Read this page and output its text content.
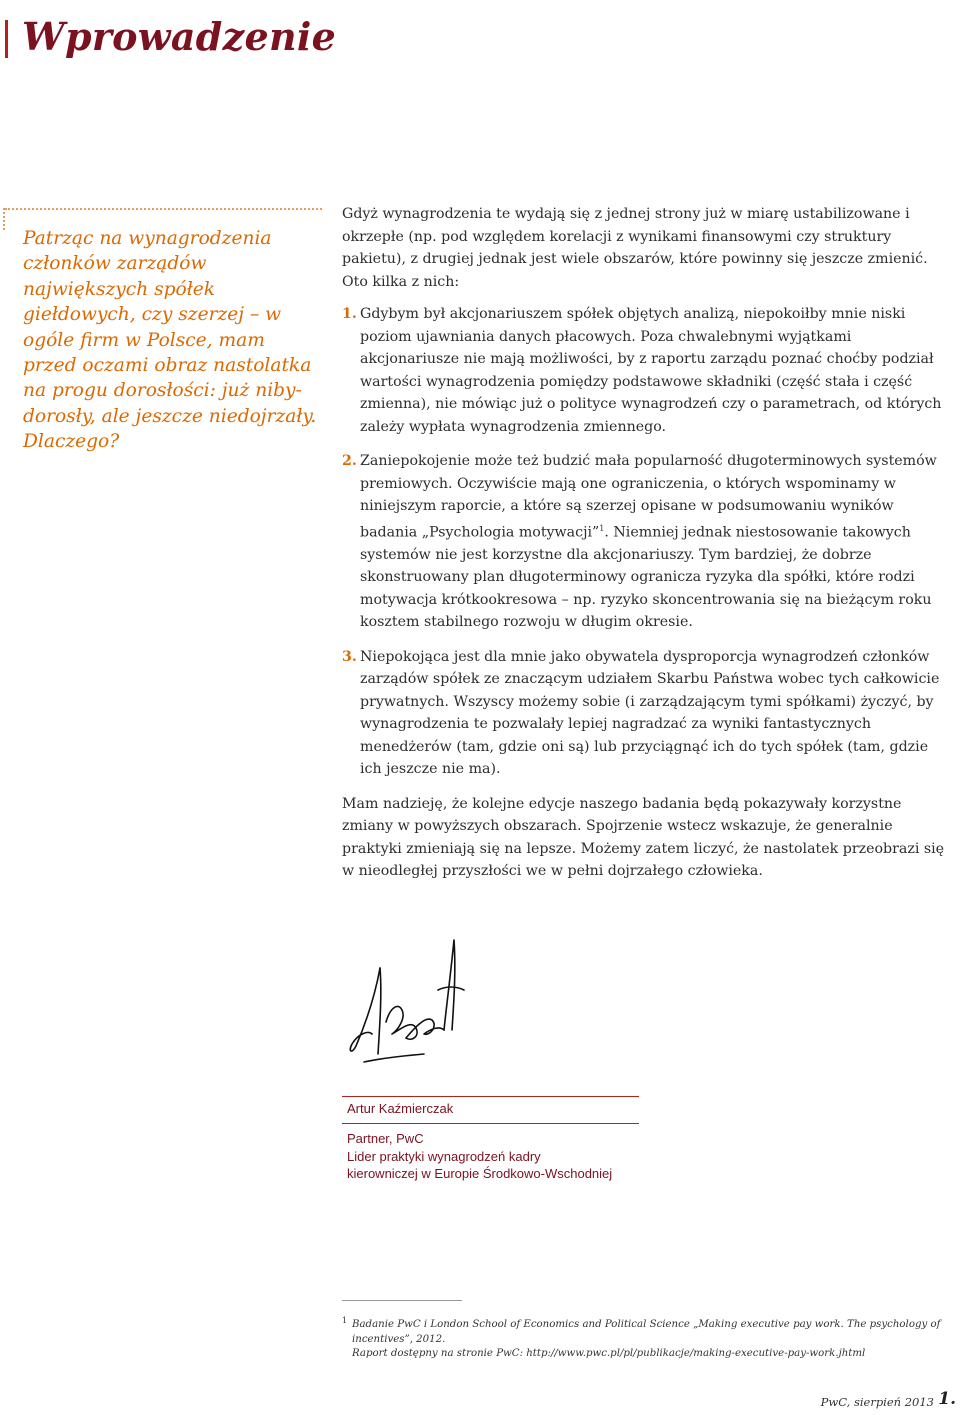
Wprowadzenie

Patrząc na wynagrodzenia członków zarządów największych spółek giełdowych, czy szerzej – w ogóle firm w Polsce, mam przed oczami obraz nastolatka na progu dorosłości: już niby-dorosły, ale jeszcze niedojrzały. Dlaczego?

Gdyż wynagrodzenia te wydają się z jednej strony już w miarę ustabilizowane i okrzepłe (np. pod względem korelacji z wynikami finansowymi czy struktury pakietu), z drugiej jednak jest wiele obszarów, które powinny się jeszcze zmienić. Oto kilka z nich:

1. Gdybym był akcjonariuszem spółek objętych analizą, niepokoiłby mnie niski poziom ujawniania danych płacowych. Poza chwalebnymi wyjątkami akcjonariusze nie mają możliwości, by z raportu zarządu poznać choćby podział wartości wynagrodzenia pomiędzy podstawowe składniki (część stała i część zmienna), nie mówiąc już o polityce wynagrodzeń czy o parametrach, od których zależy wypłata wynagrodzenia zmiennego.
2. Zaniepokojenie może też budzić mała popularność długoterminowych systemów premiowych. Oczywiście mają one ograniczenia, o których wspominamy w niniejszym raporcie, a które są szerzej opisane w podsumowaniu wyników badania „Psychologia motywacji”$^1$. Niemniej jednak niestosowanie takowych systemów nie jest korzystne dla akcjonariuszy. Tym bardziej, że dobrze skonstruowany plan długoterminowy ogranicza ryzyka dla spółki, które rodzi motywacja krótkookresowa – np. ryzyko skoncentrowania się na bieżącym roku kosztem stabilnego rozwoju w długim okresie.
3. Niepokojąca jest dla mnie jako obywatela dysproporcja wynagrodzeń członków zarządów spółek ze znaczącym udziałem Skarbu Państwa wobec tych całkowicie prywatnych. Wszyscy możemy sobie (i zarządzającym tymi spółkami) życzyć, by wynagrodzenia te pozwalały lepiej nagradzać za wyniki fantastycznych menedżerów (tam, gdzie oni są) lub przyciągnąć ich do tych spółek (tam, gdzie ich jeszcze nie ma).

Mam nadzieję, że kolejne edycje naszego badania będą pokazywały korzystne zmiany w powyższych obszarach. Spojrzenie wstecz wskazuje, że generalnie praktyki zmieniają się na lepsze. Możemy zatem liczyć, że nastolatek przeobrazi się w nieodległej przyszłości we w pełni dojrzałego człowieka.

Artur Kaźmierczak
Partner, PwC
Lider praktyki wynagrodzeń kadry
kierowniczej w Europie Środkowo-Wschodniej
1 Badanie PwC i London School of Economics and Political Science „Making executive pay work. The psychology of incentives”, 2012.
Raport dostępny na stronie PwC: http://www.pwc.pl/pl/publikacje/making-executive-pay-work.jhtml
PwC, sierpień 2013 1.
